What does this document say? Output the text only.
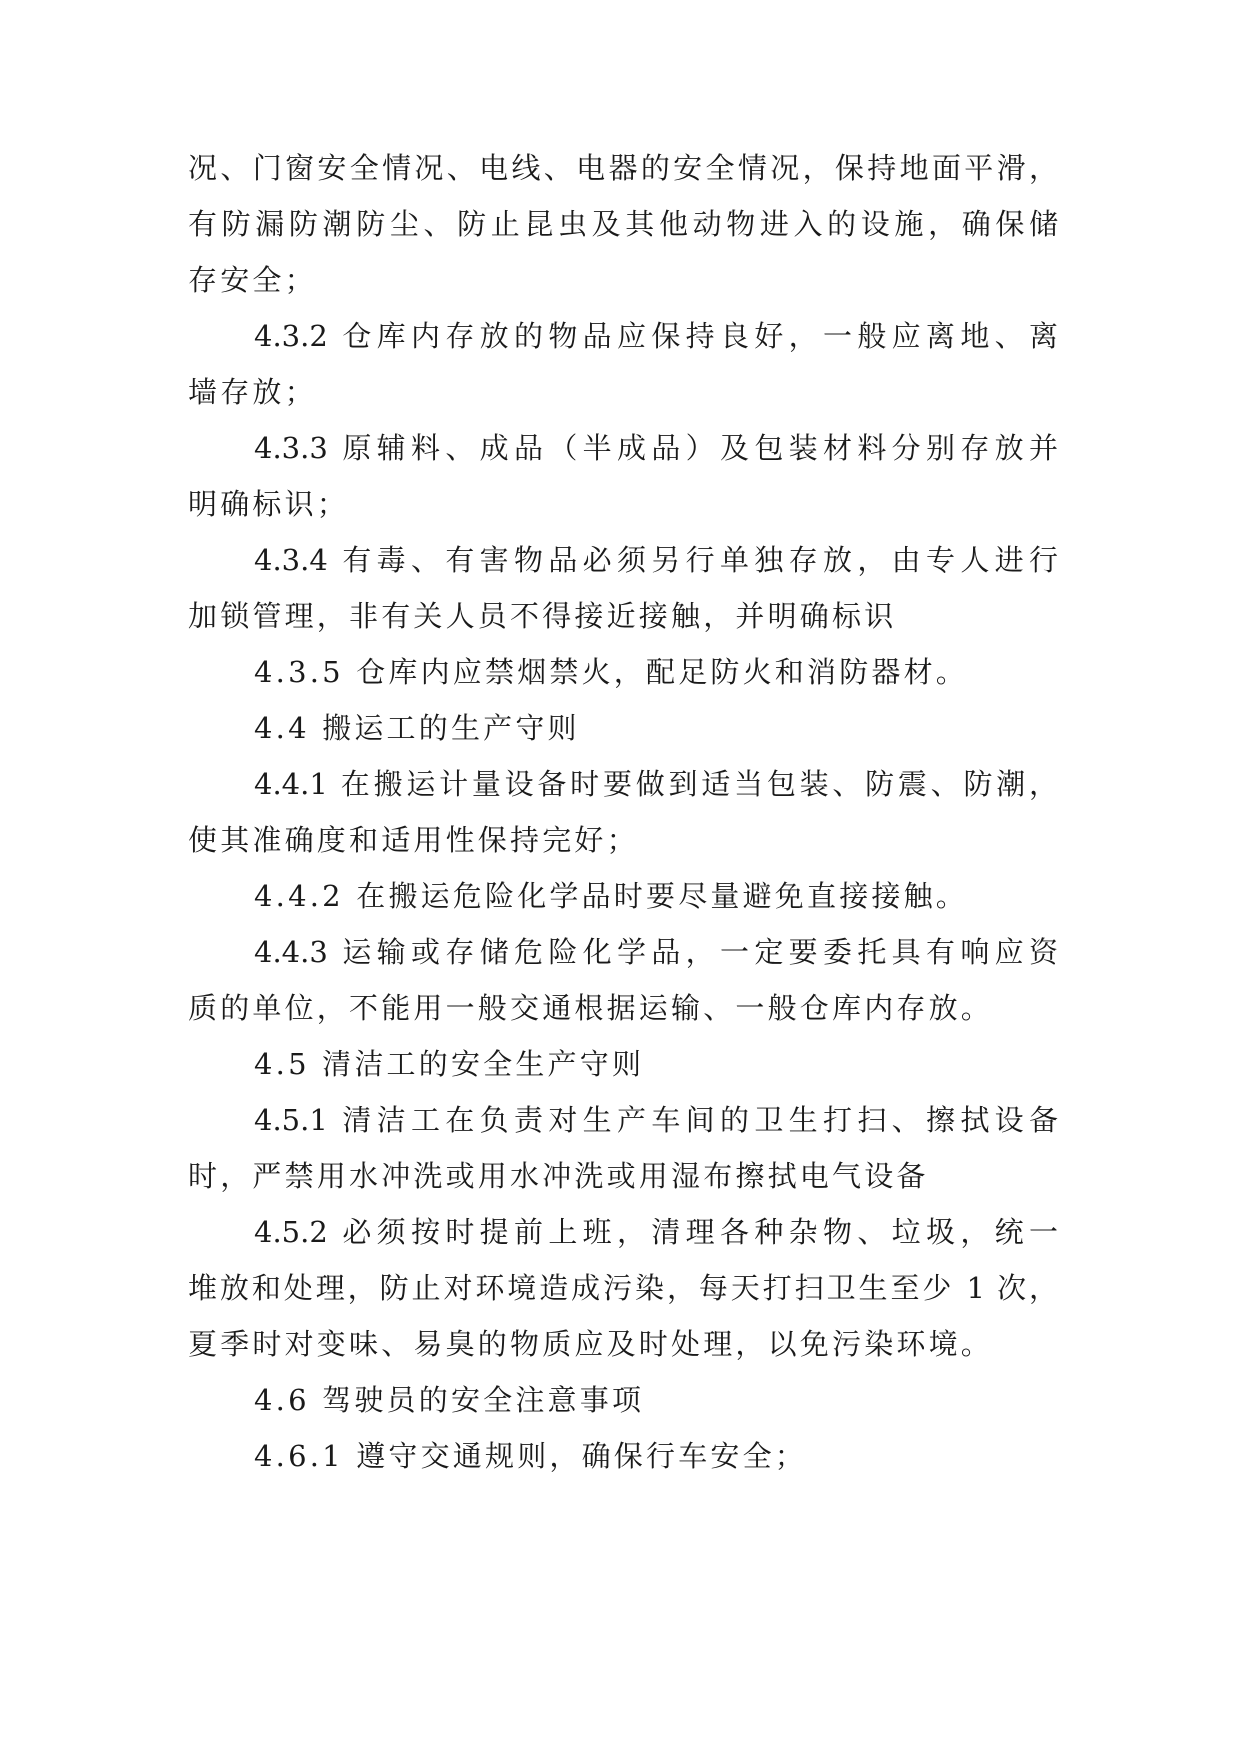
况、门窗安全情况、电线、电器的安全情况，保持地面平滑，
有防漏防潮防尘、防止昆虫及其他动物进入的设施，确保储
存安全；
4.3.2 仓库内存放的物品应保持良好，一般应离地、离
墙存放；
4.3.3 原辅料、成品（半成品）及包装材料分别存放并
明确标识；
4.3.4 有毒、有害物品必须另行单独存放，由专人进行
加锁管理，非有关人员不得接近接触，并明确标识
4.3.5 仓库内应禁烟禁火，配足防火和消防器材。
4.4 搬运工的生产守则
4.4.1 在搬运计量设备时要做到适当包装、防震、防潮，
使其准确度和适用性保持完好；
4.4.2 在搬运危险化学品时要尽量避免直接接触。
4.4.3 运输或存储危险化学品，一定要委托具有响应资
质的单位，不能用一般交通根据运输、一般仓库内存放。
4.5 清洁工的安全生产守则
4.5.1 清洁工在负责对生产车间的卫生打扫、擦拭设备
时，严禁用水冲洗或用水冲洗或用湿布擦拭电气设备
4.5.2 必须按时提前上班，清理各种杂物、垃圾，统一
堆放和处理，防止对环境造成污染，每天打扫卫生至少 1 次，
夏季时对变味、易臭的物质应及时处理，以免污染环境。
4.6 驾驶员的安全注意事项
4.6.1 遵守交通规则，确保行车安全；
